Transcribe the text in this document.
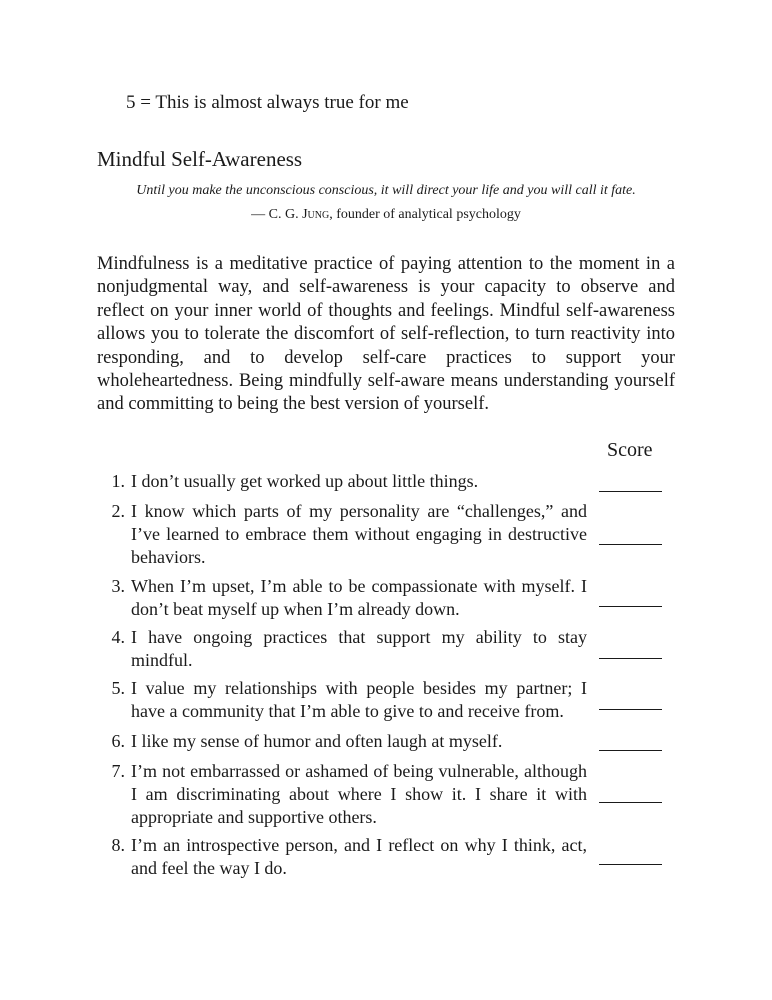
5 = This is almost always true for me
Mindful Self-Awareness
Until you make the unconscious conscious, it will direct your life and you will call it fate.
— C. G. Jung, founder of analytical psychology

Mindfulness is a meditative practice of paying attention to the moment in a nonjudgmental way, and self-awareness is your capacity to observe and reflect on your inner world of thoughts and feelings. Mindful self-awareness allows you to tolerate the discomfort of self-reflection, to turn reactivity into responding, and to develop self-care practices to support your wholeheartedness. Being mindfully self-aware means understanding yourself and committing to being the best version of yourself.

Score
1. I don’t usually get worked up about little things.
2. I know which parts of my personality are “challenges,” and I’ve learned to embrace them without engaging in destructive behaviors.
3. When I’m upset, I’m able to be compassionate with myself. I don’t beat myself up when I’m already down.
4. I have ongoing practices that support my ability to stay mindful.
5. I value my relationships with people besides my partner; I have a community that I’m able to give to and receive from.
6. I like my sense of humor and often laugh at myself.
7. I’m not embarrassed or ashamed of being vulnerable, although I am discriminating about where I show it. I share it with appropriate and supportive others.
8. I’m an introspective person, and I reflect on why I think, act, and feel the way I do.
